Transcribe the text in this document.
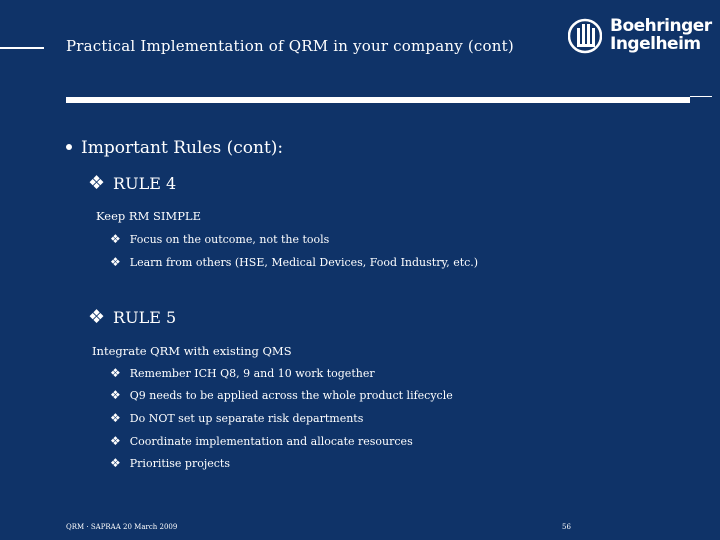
Practical Implementation of QRM in your company (cont)
Boehringer
Ingelheim
Important Rules (cont):
❖ RULE 4
Keep RM SIMPLE
❖ Focus on the outcome, not the tools
❖ Learn from others (HSE, Medical Devices, Food Industry, etc.)
❖ RULE 5
Integrate QRM with existing QMS
❖ Remember ICH Q8, 9 and 10 work together
❖ Q9 needs to be applied across the whole product lifecycle
❖ Do NOT set up separate risk departments
❖ Coordinate implementation and allocate resources
❖ Prioritise projects
QRM · SAPRAA 20 March 2009	56
